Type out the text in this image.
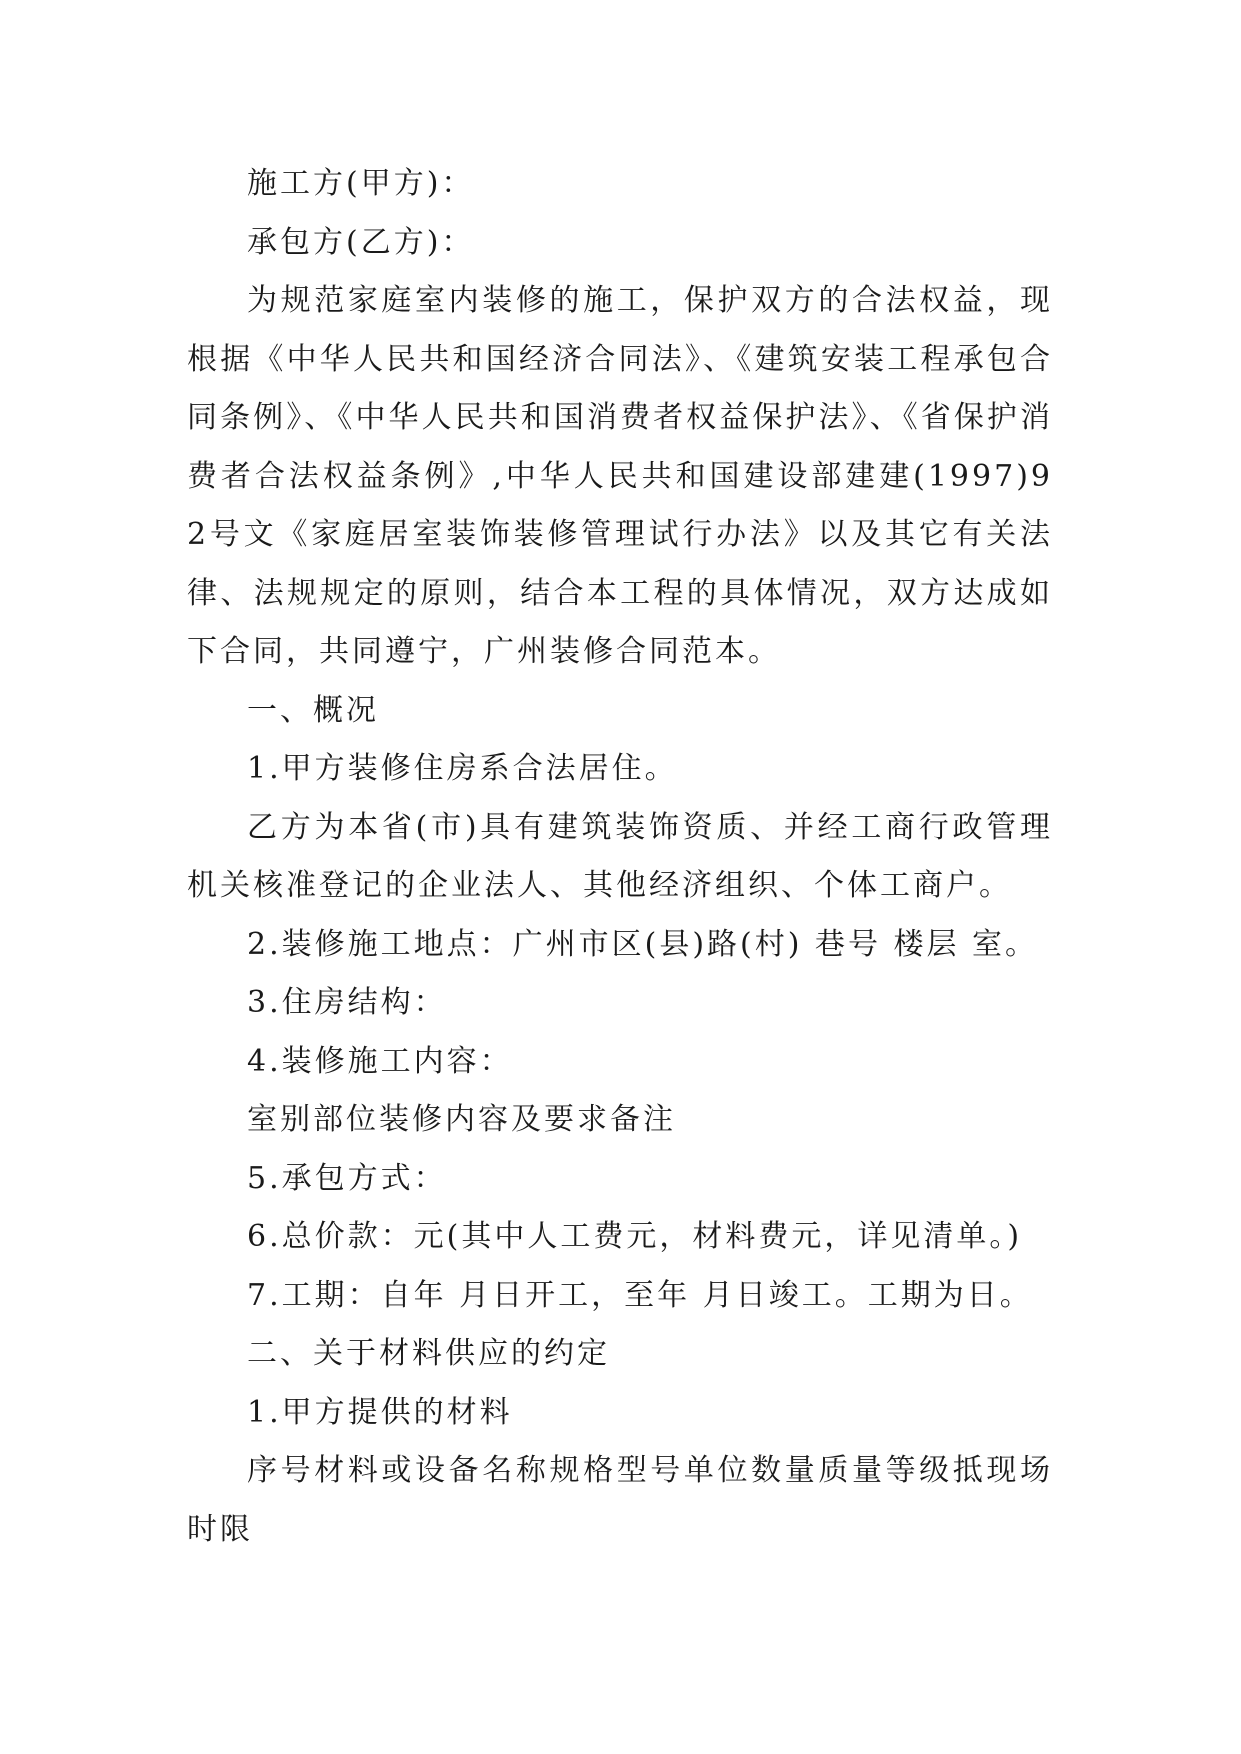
施工方(甲方)：

承包方(乙方)：

为规范家庭室内装修的施工，保护双方的合法权益，现根据《中华人民共和国经济合同法》、《建筑安装工程承包合同条例》、《中华人民共和国消费者权益保护法》、《省保护消费者合法权益条例》,中华人民共和国建设部建建(1997)92号文《家庭居室装饰装修管理试行办法》以及其它有关法律、法规规定的原则，结合本工程的具体情况，双方达成如下合同，共同遵宁，广州装修合同范本。

一、概况

1.甲方装修住房系合法居住。

乙方为本省(市)具有建筑装饰资质、并经工商行政管理机关核准登记的企业法人、其他经济组织、个体工商户。

2.装修施工地点：广州市区(县)路(村) 巷号 楼层 室。

3.住房结构：

4.装修施工内容：

室别部位装修内容及要求备注

5.承包方式：

6.总价款：元(其中人工费元，材料费元，详见清单。)

7.工期：自年 月日开工，至年 月日竣工。工期为日。

二、关于材料供应的约定

1.甲方提供的材料

序号材料或设备名称规格型号单位数量质量等级抵现场时限
